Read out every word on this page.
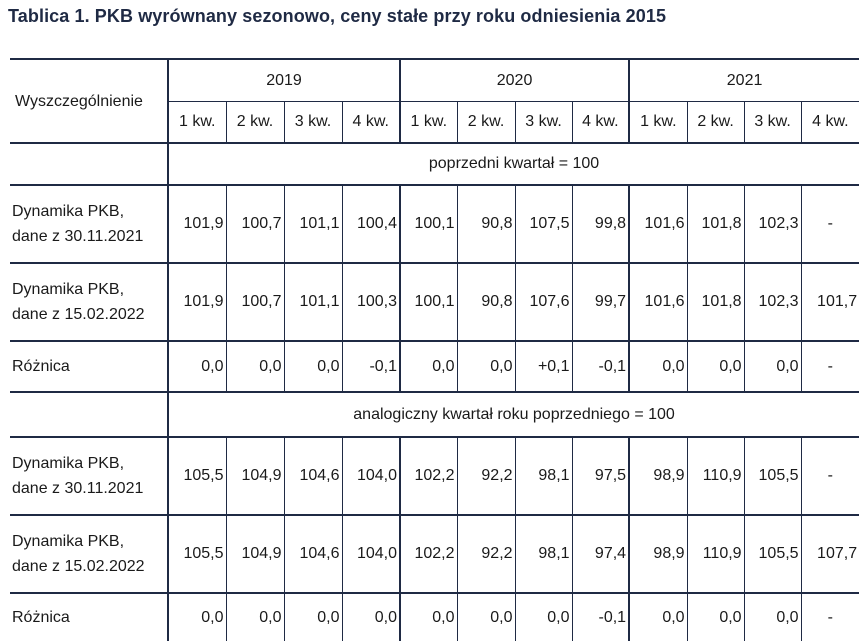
Tablica 1. PKB wyrównany sezonowo, ceny stałe przy roku odniesienia 2015
Wyszczególnienie	2019				2020				2021			
	1 kw.	2 kw.	3 kw.	4 kw.	1 kw.	2 kw.	3 kw.	4 kw.	1 kw.	2 kw.	3 kw.	4 kw.
	poprzedni kwartał = 100											

Dynamika PKB,
dane z 30.11.2021	101,9	100,7	101,1	100,4	100,1	90,8	107,5	99,8	101,6	101,8	102,3	-

Dynamika PKB,
dane z 15.02.2022	101,9	100,7	101,1	100,3	100,1	90,8	107,6	99,7	101,6	101,8	102,3	101,7

Różnica	0,0	0,0	0,0	-0,1	0,0	0,0	+0,1	-0,1	0,0	0,0	0,0	-
	analogiczny kwartał roku poprzedniego = 100											

Dynamika PKB,
dane z 30.11.2021	105,5	104,9	104,6	104,0	102,2	92,2	98,1	97,5	98,9	110,9	105,5	-

Dynamika PKB,
dane z 15.02.2022	105,5	104,9	104,6	104,0	102,2	92,2	98,1	97,4	98,9	110,9	105,5	107,7

Różnica	0,0	0,0	0,0	0,0	0,0	0,0	0,0	-0,1	0,0	0,0	0,0	-
